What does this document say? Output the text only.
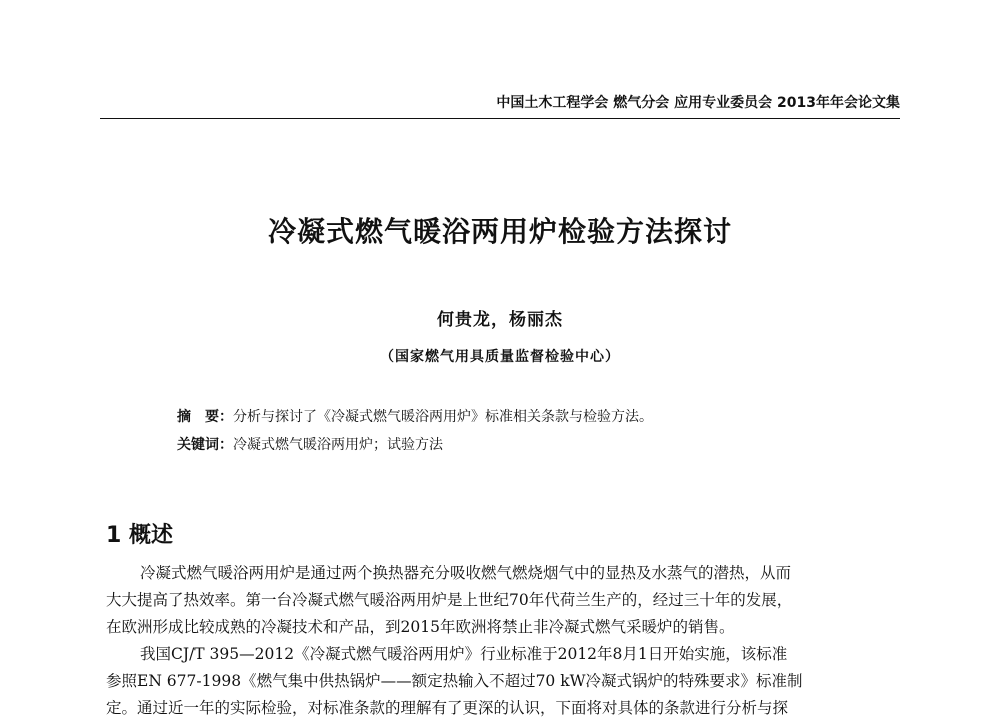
中国土木工程学会 燃气分会 应用专业委员会 2013年年会论文集
冷凝式燃气暖浴两用炉检验方法探讨
何贵龙，杨丽杰
（国家燃气用具质量监督检验中心）
摘　要：分析与探讨了《冷凝式燃气暖浴两用炉》标准相关条款与检验方法。
关键词：冷凝式燃气暖浴两用炉；试验方法
1 概述
冷凝式燃气暖浴两用炉是通过两个换热器充分吸收燃气燃烧烟气中的显热及水蒸气的潜热，从而
大大提高了热效率。第一台冷凝式燃气暖浴两用炉是上世纪70年代荷兰生产的，经过三十年的发展，
在欧洲形成比较成熟的冷凝技术和产品，到2015年欧洲将禁止非冷凝式燃气采暖炉的销售。
我国CJ/T 395—2012《冷凝式燃气暖浴两用炉》行业标准于2012年8月1日开始实施，该标准
参照EN 677-1998《燃气集中供热锅炉——额定热输入不超过70 kW冷凝式锅炉的特殊要求》标准制
定。通过近一年的实际检验，对标准条款的理解有了更深的认识，下面将对具体的条款进行分析与探
